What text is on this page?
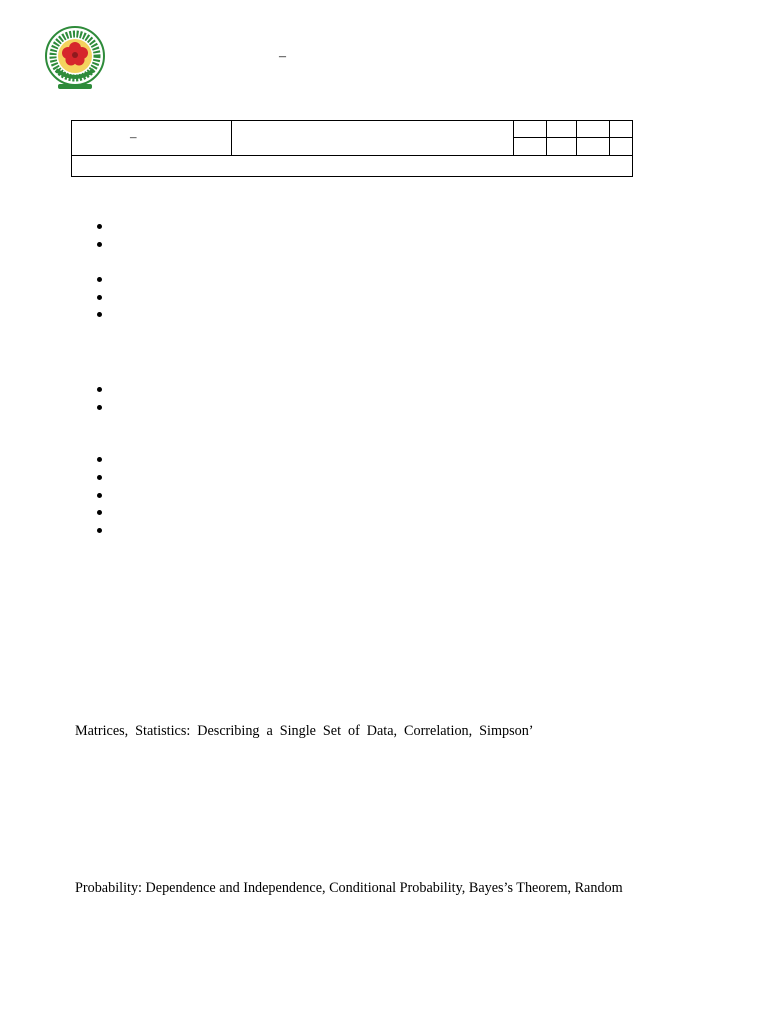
–
–

Matrices, Statistics: Describing a Single Set of Data, Correlation, Simpson’

Probability: Dependence and Independence, Conditional Probability, Bayes’s Theorem, Random
